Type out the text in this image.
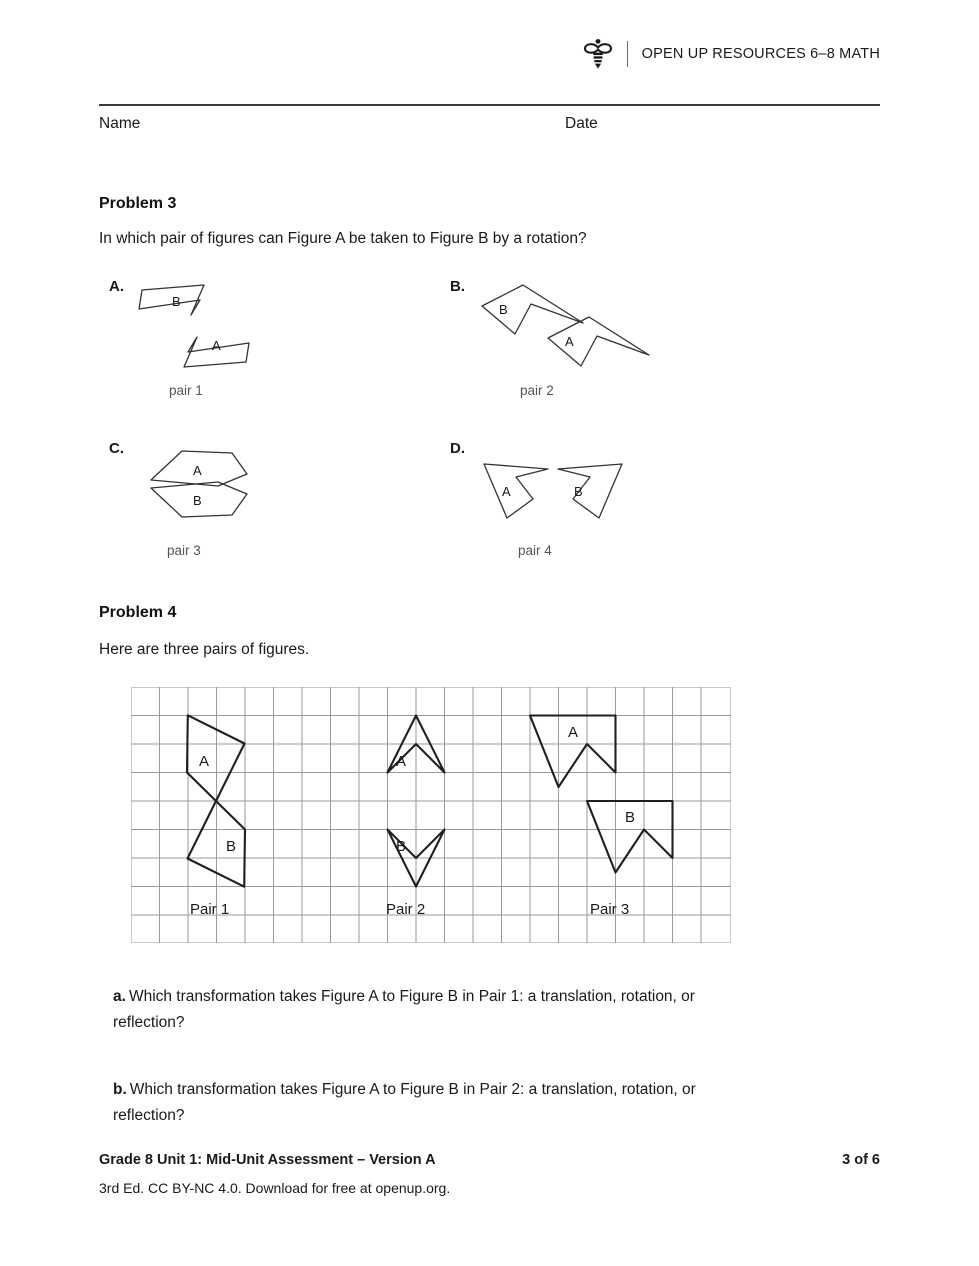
OPEN UP RESOURCES 6–8 MATH
Name	Date
Problem 3
In which pair of figures can Figure A be taken to Figure B by a rotation?
A.
B
A
pair 1
B.
B
A
pair 2
C.
A
B
pair 3
D.
A	B
pair 4
Problem 4
Here are three pairs of figures.
A
B
Pair 1
A
B
Pair 2
A
B
Pair 3
a. Which transformation takes Figure A to Figure B in Pair 1: a translation, rotation, or reflection?
b. Which transformation takes Figure A to Figure B in Pair 2: a translation, rotation, or reflection?
Grade 8 Unit 1: Mid-Unit Assessment – Version A	3 of 6
3rd Ed. CC BY-NC 4.0. Download for free at openup.org.
